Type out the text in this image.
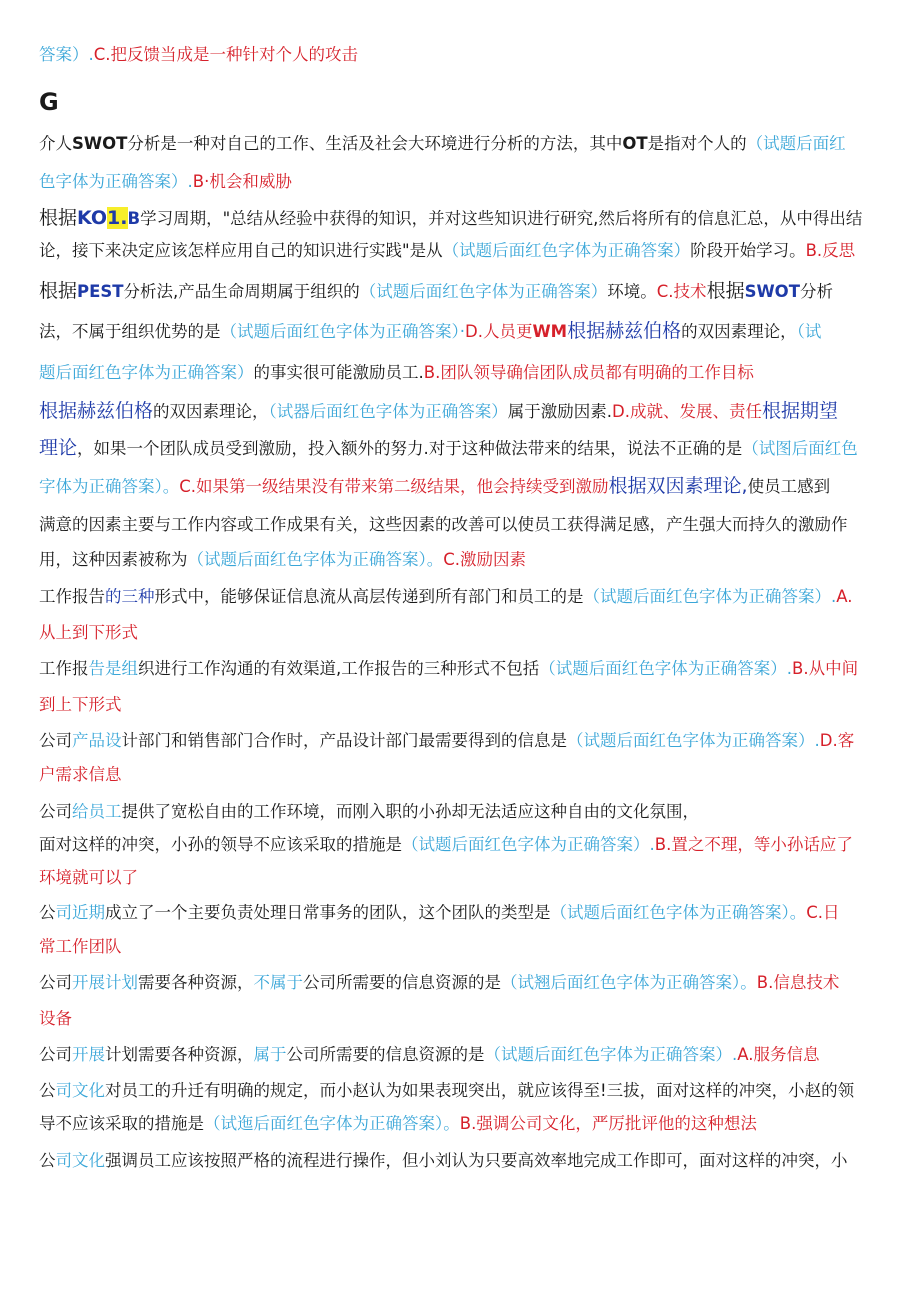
G
答案）.C.把反馈当成是一种针对个人的攻击
介人SWOT分析是一种对自己的工作、生活及社会大环境进行分析的方法，其中OT是指对个人的（试题后面红
色字体为正确答案）.B·机会和威胁
根据KO1.B学习周期，"总结从经验中获得的知识，并对这些知识进行研究,然后将所有的信息汇总，从中得出结
论，接下来决定应该怎样应用自己的知识进行实践"是从（试题后面红色字体为正确答案）阶段开始学习。B.反思
根据PEST分析法,产品生命周期属于组织的（试题后面红色字体为正确答案）环境。C.技术根据SWOT分析
法，不属于组织优势的是（试题后面红色字体为正确答案）·D.人员更WM根据赫兹伯格的双因素理论，（试
题后面红色字体为正确答案）的事实很可能激励员工.B.团队领导确信团队成员都有明确的工作目标
根据赫兹伯格的双因素理论，（试器后面红色字体为正确答案）属于激励因素.D.成就、发展、责任根据期望
理论，如果一个团队成员受到激励，投入额外的努力.对于这种做法带来的结果，说法不正确的是（试图后面红色
字体为正确答案）。C.如果第一级结果没有带来第二级结果，他会持续受到激励根据双因素理论,使员工感到
满意的因素主要与工作内容或工作成果有关，这些因素的改善可以使员工获得满足感，产生强大而持久的激励作
用，这种因素被称为（试题后面红色字体为正确答案）。C.激励因素
工作报告的三种形式中，能够保证信息流从高层传递到所有部门和员工的是（试题后面红色字体为正确答案）.A.
从上到下形式
工作报告是组织进行工作沟通的有效渠道,工作报告的三种形式不包括（试题后面红色字体为正确答案）.B.从中间
到上下形式
公司产品设计部门和销售部门合作时，产品设计部门最需要得到的信息是（试题后面红色字体为正确答案）.D.客
户需求信息
公司给员工提供了宽松自由的工作环境，而刚入职的小孙却无法适应这种自由的文化氛围，
面对这样的冲突，小孙的领导不应该采取的措施是（试题后面红色字体为正确答案）.B.置之不理，等小孙话应了
环境就可以了
公司近期成立了一个主要负责处理日常事务的团队，这个团队的类型是（试题后面红色字体为正确答案）。C.日
常工作团队
公司开展计划需要各种资源，不属于公司所需要的信息资源的是（试翘后面红色字体为正确答案）。B.信息技术
设备
公司开展计划需要各种资源，属于公司所需要的信息资源的是（试题后面红色字体为正确答案）.A.服务信息
公司文化对员工的升迁有明确的规定，而小赵认为如果表现突出，就应该得至!三拔，面对这样的冲突，小赵的领
导不应该采取的措施是（试迤后面红色字体为正确答案）。B.强调公司文化，严厉批评他的这种想法
公司文化强调员工应该按照严格的流程进行操作，但小刘认为只要高效率地完成工作即可，面对这样的冲突，小
